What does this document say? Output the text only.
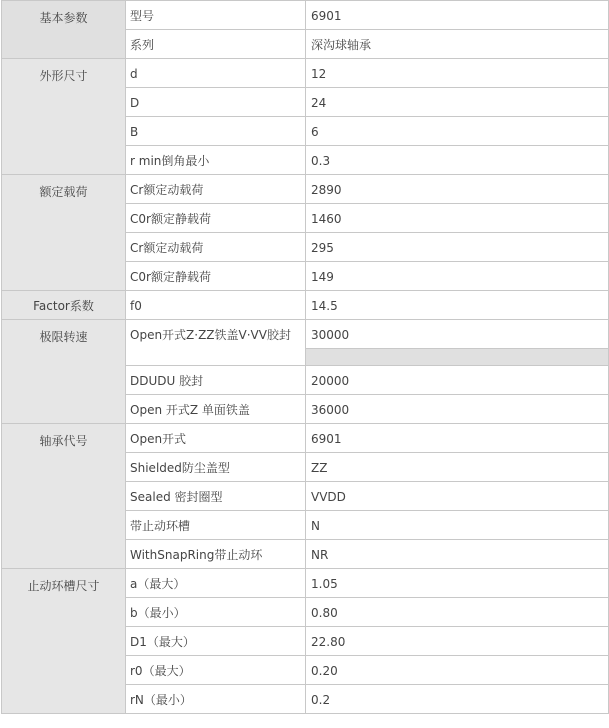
基本参数	型号	6901
	系列	深沟球轴承
外形尺寸	d	12
	D	24
	B	6
	r min倒角最小	0.3
额定载荷	Cr额定动载荷	2890
	C0r额定静载荷	1460
	Cr额定动载荷	295
	C0r额定静载荷	149
Factor系数	f0	14.5
极限转速	Open开式Z·ZZ铁盖V·VV胶封	30000

	DDUDU 胶封	20000
	Open 开式Z 单面铁盖	36000
轴承代号	Open开式	6901
	Shielded防尘盖型	ZZ
	Sealed 密封圈型	VVDD
	带止动环槽	N
	WithSnapRing带止动环	NR
止动环槽尺寸	a（最大）	1.05
	b（最小）	0.80
	D1（最大）	22.80
	r0（最大）	0.20
	rN（最小）	0.2
